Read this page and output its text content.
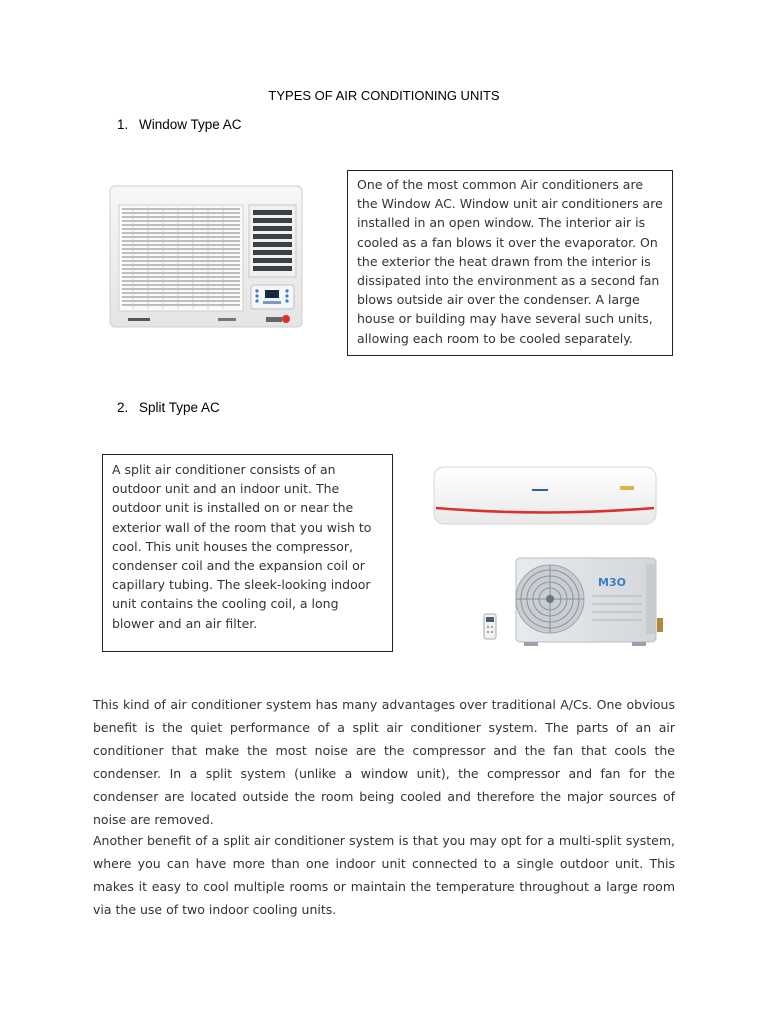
TYPES OF AIR CONDITIONING UNITS
1. Window Type AC
One of the most common Air conditioners are the Window AC. Window unit air conditioners are installed in an open window. The interior air is cooled as a fan blows it over the evaporator. On the exterior the heat drawn from the interior is dissipated into the environment as a second fan blows outside air over the condenser. A large house or building may have several such units, allowing each room to be cooled separately.
2. Split Type AC
A split air conditioner consists of an outdoor unit and an indoor unit. The outdoor unit is installed on or near the exterior wall of the room that you wish to cool. This unit houses the compressor, condenser coil and the expansion coil or capillary tubing. The sleek-looking indoor unit contains the cooling coil, a long blower and an air filter.
M3O
This kind of air conditioner system has many advantages over traditional A/Cs. One obvious benefit is the quiet performance of a split air conditioner system. The parts of an air conditioner that make the most noise are the compressor and the fan that cools the condenser. In a split system (unlike a window unit), the compressor and fan for the condenser are located outside the room being cooled and therefore the major sources of noise are removed.
Another benefit of a split air conditioner system is that you may opt for a multi-split system, where you can have more than one indoor unit connected to a single outdoor unit. This makes it easy to cool multiple rooms or maintain the temperature throughout a large room via the use of two indoor cooling units.
